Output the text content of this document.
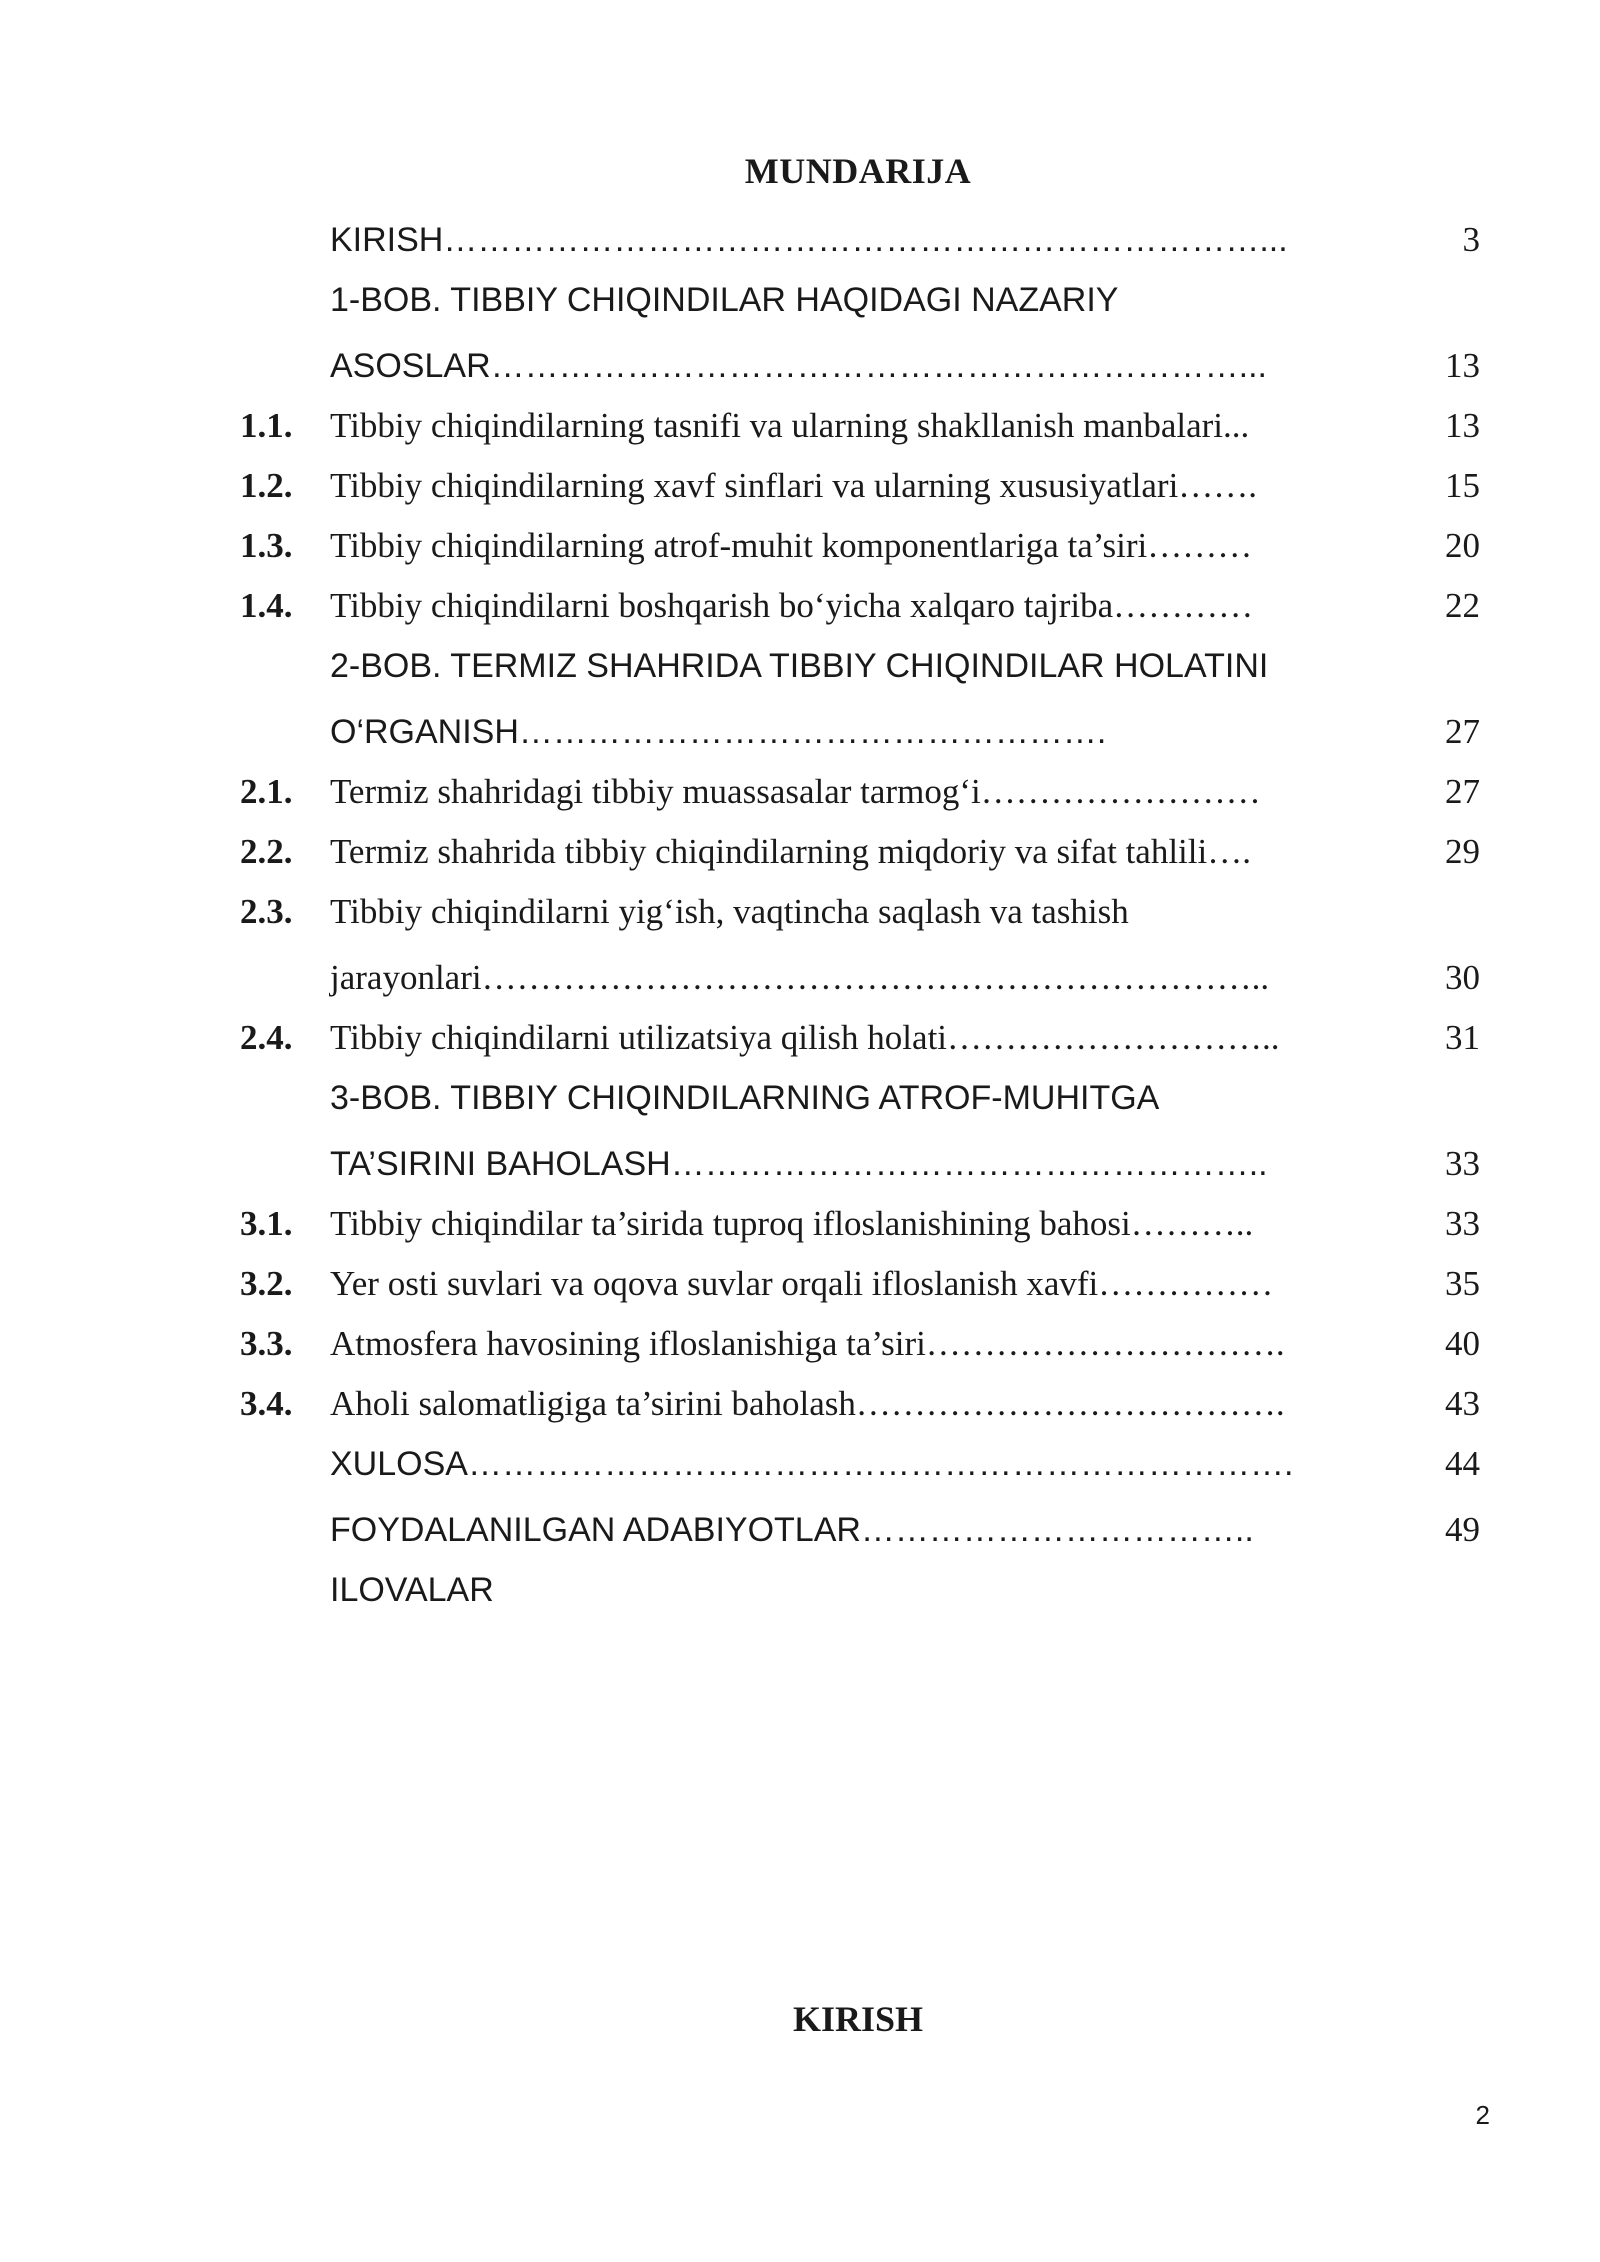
MUNDARIJA
KIRISH………………………………………………………………...	3
1-BOB. TIBBIY CHIQINDILAR HAQIDAGI NAZARIY
ASOSLAR…………………………………………………………...	13
1.1.	Tibbiy chiqindilarning tasnifi va ularning shakllanish manbalari...	13
1.2.	Tibbiy chiqindilarning xavf sinflari va ularning xususiyatlari…….	15
1.3.	Tibbiy chiqindilarning atrof-muhit komponentlariga ta’siri………	20
1.4.	Tibbiy chiqindilarni boshqarish bo‘yicha xalqaro tajriba…………	22
2-BOB. TERMIZ SHAHRIDA TIBBIY CHIQINDILAR HOLATINI
O‘RGANISH…………………………………………….	27
2.1.	Termiz shahridagi tibbiy muassasalar tarmog‘i……………………	27
2.2.	Termiz shahrida tibbiy chiqindilarning miqdoriy va sifat tahlili….	29
2.3.	Tibbiy chiqindilarni yig‘ish, vaqtincha saqlash va tashish
jarayonlari…………………………………………………………..	30
2.4.	Tibbiy chiqindilarni utilizatsiya qilish holati………………………..	31
3-BOB. TIBBIY CHIQINDILARNING ATROF-MUHITGA
TA’SIRINI BAHOLASH……………………………………………..	33
3.1.	Tibbiy chiqindilar ta’sirida tuproq ifloslanishining bahosi………..	33
3.2.	Yer osti suvlari va oqova suvlar orqali ifloslanish xavfi……………	35
3.3.	Atmosfera havosining ifloslanishiga ta’siri………………………….	40
3.4.	Aholi salomatligiga ta’sirini baholash……………………………….	43
XULOSA……………………………………………………………….	44
FOYDALANILGAN ADABIYOTLAR……………………………..	49
ILOVALAR
KIRISH
2
